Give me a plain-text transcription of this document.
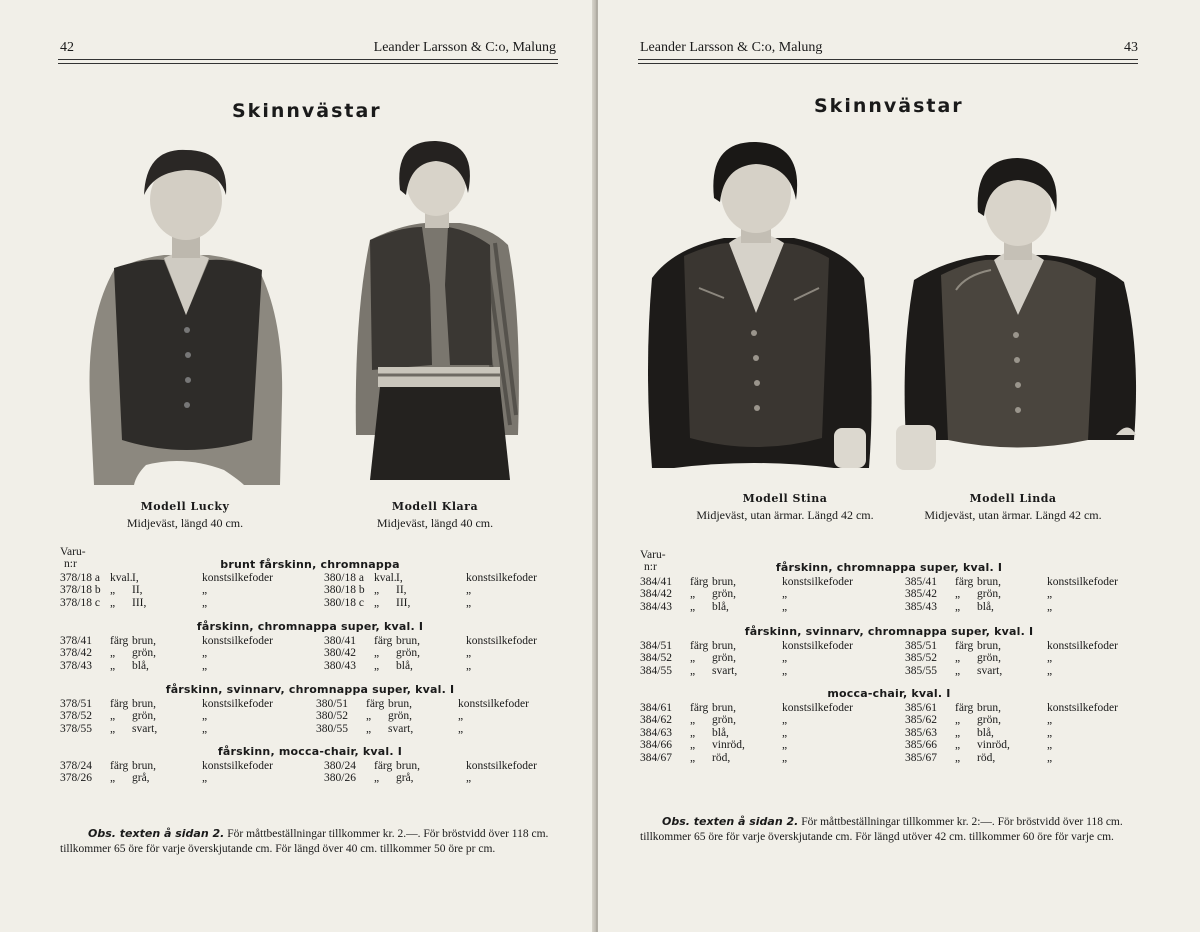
42	Leander Larsson & C:o, Malung
Skinnvästar
Modell Lucky
Midjeväst, längd 40 cm.
Modell Klara
Midjeväst, längd 40 cm.
Varu-
n:r	brunt fårskinn, chromnappa
378/18 a kval.I,	konstsilkefoder
378/18 b „ II,	„
378/18 c „ III,	„
380/18 a kval.I,	konstsilkefoder
380/18 b „ II,	„
380/18 c „ III,	„
fårskinn, chromnappa super, kval. I
378/41 färg brun,	konstsilkefoder
378/42 „ grön,	„
378/43 „ blå,	„
380/41 färg brun,	konstsilkefoder
380/42 „ grön,	„
380/43 „ blå,	„
fårskinn, svinnarv, chromnappa super, kval. I
378/51 färg brun,	konstsilkefoder
378/52 „ grön,	„
378/55 „ svart,	„
380/51 färg brun,	konstsilkefoder
380/52 „ grön,	„
380/55 „ svart,	„
fårskinn, mocca-chair, kval. I
378/24 färg brun,	konstsilkefoder
378/26 „ grå,	„
380/24 färg brun,	konstsilkefoder
380/26 „ grå,	„
Obs. texten å sidan 2. För måttbeställningar tillkommer kr. 2.—. För bröstvidd över 118 cm. tillkommer 65 öre för varje överskjutande cm. För längd över 40 cm. tillkommer 50 öre pr cm.
Leander Larsson & C:o, Malung	43
Skinnvästar
Modell Stina
Midjeväst, utan ärmar. Längd 42 cm.
Modell Linda
Midjeväst, utan ärmar. Längd 42 cm.
Varu-
n:r	fårskinn, chromnappa super, kval. I
384/41 färg brun,	konstsilkefoder
384/42 „ grön,	„
384/43 „ blå,	„
385/41 färg brun,	konstsilkefoder
385/42 „ grön,	„
385/43 „ blå,	„
fårskinn, svinnarv, chromnappa super, kval. I
384/51 färg brun,	konstsilkefoder
384/52 „ grön,	„
384/55 „ svart,	„
385/51 färg brun,	konstsilkefoder
385/52 „ grön,	„
385/55 „ svart,	„
mocca-chair, kval. I
384/61 färg brun,	konstsilkefoder
384/62 „ grön,	„
384/63 „ blå,	„
384/66 „ vinröd,	„
384/67 „ röd,	„
385/61 färg brun,	konstsilkefoder
385/62 „ grön,	„
385/63 „ blå,	„
385/66 „ vinröd,	„
385/67 „ röd,	„
Obs. texten å sidan 2. För måttbeställningar tillkommer kr. 2:—. För bröstvidd över 118 cm. tillkommer 65 öre för varje överskjutande cm. För längd utöver 42 cm. tillkommer 60 öre för varje cm.
